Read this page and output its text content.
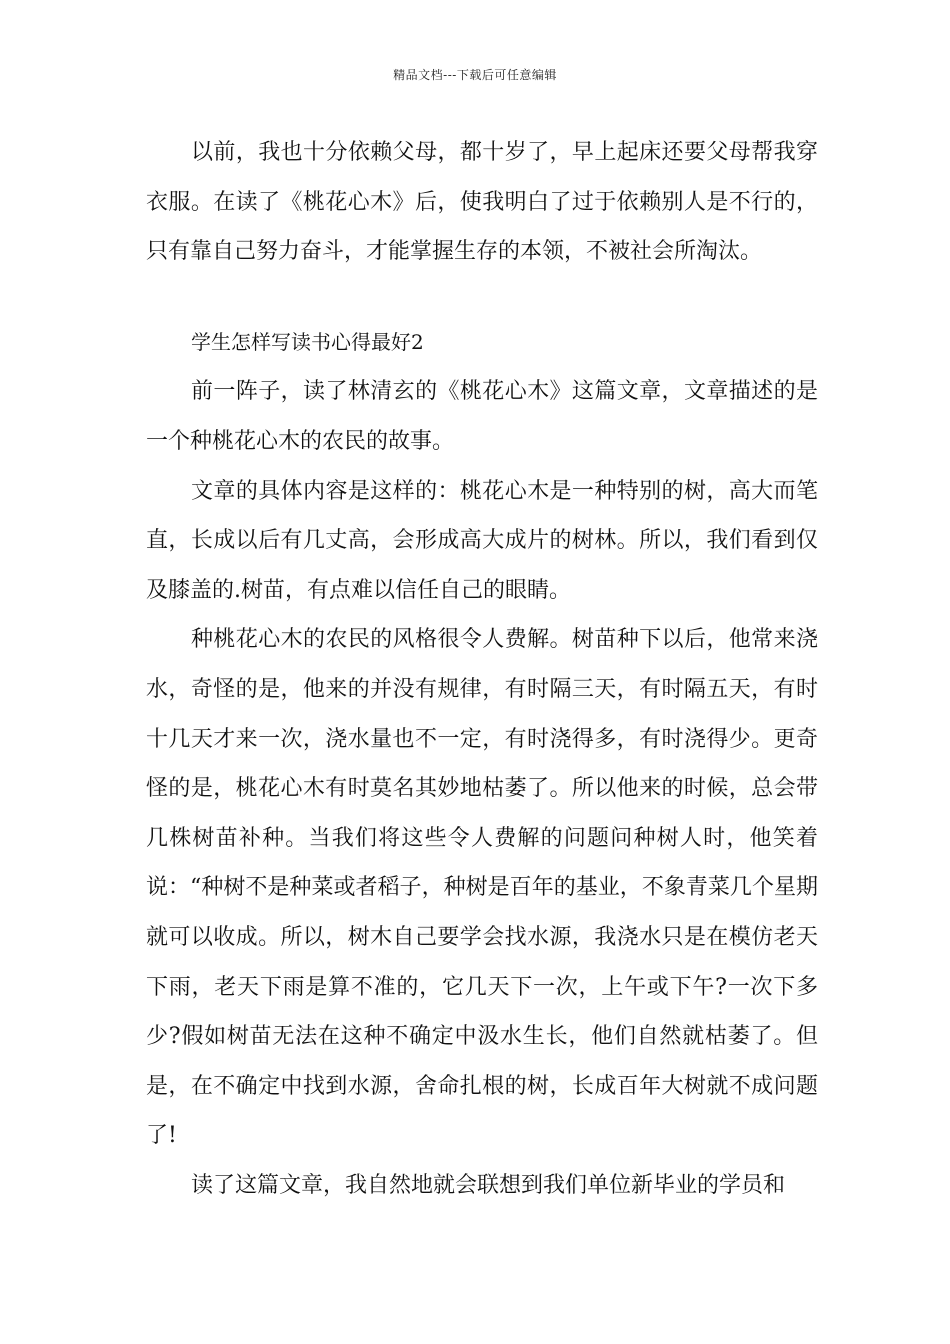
精品文档---下载后可任意编辑

以前，我也十分依赖父母，都十岁了，早上起床还要父母帮我穿衣服。在读了《桃花心木》后，使我明白了过于依赖别人是不行的，只有靠自己努力奋斗，才能掌握生存的本领，不被社会所淘汰。

学生怎样写读书心得最好2

前一阵子，读了林清玄的《桃花心木》这篇文章，文章描述的是一个种桃花心木的农民的故事。

文章的具体内容是这样的：桃花心木是一种特别的树，高大而笔直，长成以后有几丈高，会形成高大成片的树林。所以，我们看到仅及膝盖的.树苗，有点难以信任自己的眼睛。

种桃花心木的农民的风格很令人费解。树苗种下以后，他常来浇水，奇怪的是，他来的并没有规律，有时隔三天，有时隔五天，有时十几天才来一次，浇水量也不一定，有时浇得多，有时浇得少。更奇怪的是，桃花心木有时莫名其妙地枯萎了。所以他来的时候，总会带几株树苗补种。当我们将这些令人费解的问题问种树人时，他笑着说：“种树不是种菜或者稻子，种树是百年的基业，不象青菜几个星期就可以收成。所以，树木自己要学会找水源，我浇水只是在模仿老天下雨，老天下雨是算不准的，它几天下一次，上午或下午?一次下多少?假如树苗无法在这种不确定中汲水生长，他们自然就枯萎了。但是，在不确定中找到水源，舍命扎根的树，长成百年大树就不成问题了!

读了这篇文章，我自然地就会联想到我们单位新毕业的学员和
